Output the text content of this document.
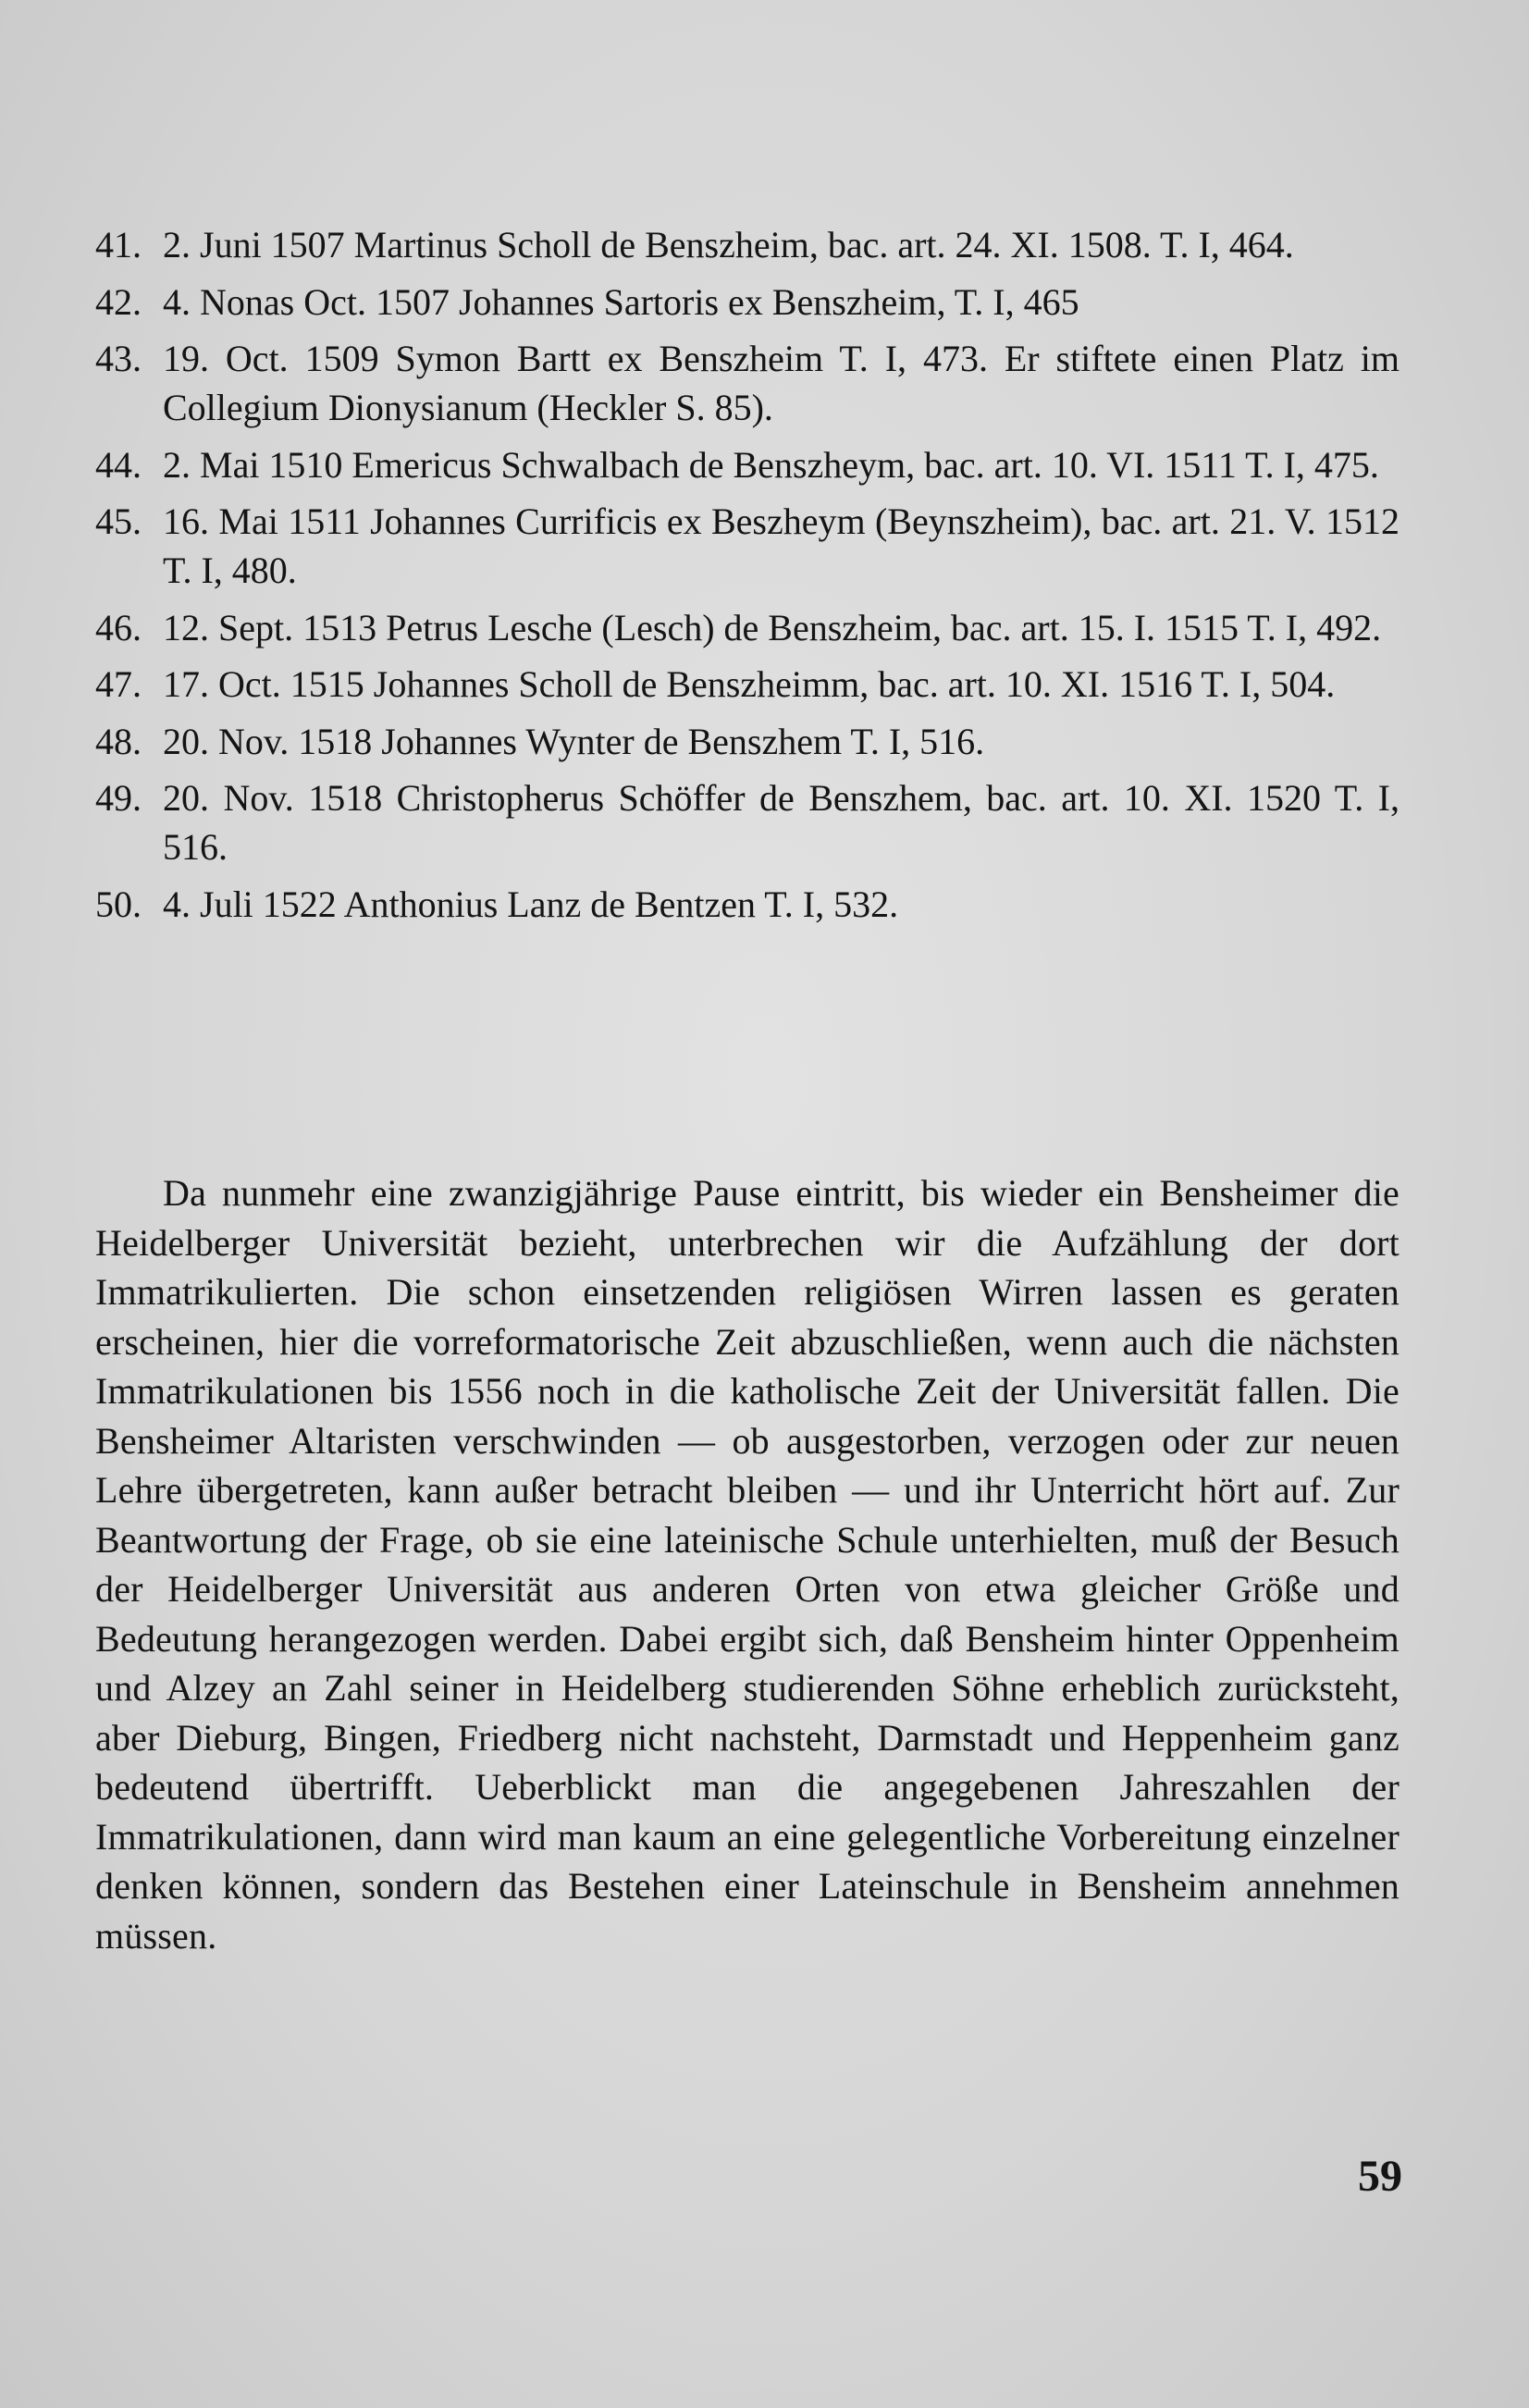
41. 2. Juni 1507 Martinus Scholl de Benszheim, bac. art. 24. XI. 1508. T. I, 464.
42. 4. Nonas Oct. 1507 Johannes Sartoris ex Benszheim, T. I, 465
43. 19. Oct. 1509 Symon Bartt ex Benszheim T. I, 473. Er stiftete einen Platz im Collegium Dionysianum (Heckler S. 85).
44. 2. Mai 1510 Emericus Schwalbach de Benszheym, bac. art. 10. VI. 1511 T. I, 475.
45. 16. Mai 1511 Johannes Currificis ex Beszheym (Beynszheim), bac. art. 21. V. 1512 T. I, 480.
46. 12. Sept. 1513 Petrus Lesche (Lesch) de Benszheim, bac. art. 15. I. 1515 T. I, 492.
47. 17. Oct. 1515 Johannes Scholl de Benszheimm, bac. art. 10. XI. 1516 T. I, 504.
48. 20. Nov. 1518 Johannes Wynter de Benszhem T. I, 516.
49. 20. Nov. 1518 Christopherus Schöffer de Benszhem, bac. art. 10. XI. 1520 T. I, 516.
50. 4. Juli 1522 Anthonius Lanz de Bentzen T. I, 532.

Da nunmehr eine zwanzigjährige Pause eintritt, bis wieder ein Bensheimer die Heidelberger Universität bezieht, unterbrechen wir die Aufzählung der dort Immatrikulierten. Die schon einsetzenden religiösen Wirren lassen es geraten erscheinen, hier die vorreformatorische Zeit abzuschließen, wenn auch die nächsten Immatrikulationen bis 1556 noch in die katholische Zeit der Universität fallen. Die Bensheimer Altaristen verschwinden — ob ausgestorben, verzogen oder zur neuen Lehre übergetreten, kann außer betracht bleiben — und ihr Unterricht hört auf. Zur Beantwortung der Frage, ob sie eine lateinische Schule unterhielten, muß der Besuch der Heidelberger Universität aus anderen Orten von etwa gleicher Größe und Bedeutung herangezogen werden. Dabei ergibt sich, daß Bensheim hinter Oppenheim und Alzey an Zahl seiner in Heidelberg studierenden Söhne erheblich zurücksteht, aber Dieburg, Bingen, Friedberg nicht nachsteht, Darmstadt und Heppenheim ganz bedeutend übertrifft. Ueberblickt man die angegebenen Jahreszahlen der Immatrikulationen, dann wird man kaum an eine gelegentliche Vorbereitung einzelner denken können, sondern das Bestehen einer Lateinschule in Bensheim annehmen müssen.

59
